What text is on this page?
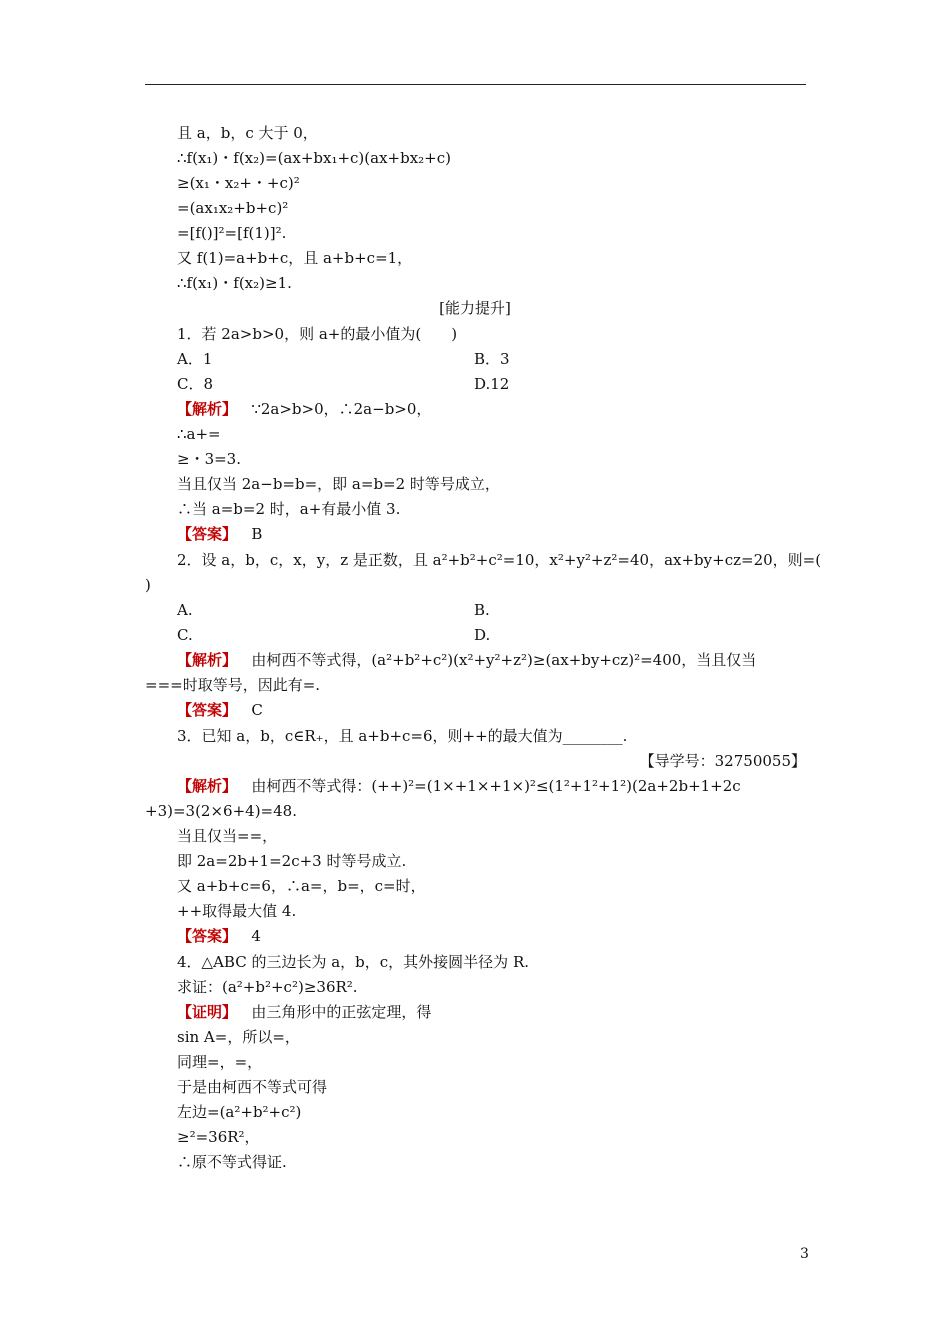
且 a，b，c 大于 0，
∴f(x₁)・f(x₂)=(ax+bx₁+c)(ax+bx₂+c)
≥(x₁・x₂+・+c)²
=(ax₁x₂+b+c)²
=[f()]²=[f(1)]².
又 f(1)=a+b+c，且 a+b+c=1，
∴f(x₁)・f(x₂)≥1.
[能力提升]
1．若 2a>b>0，则 a+的最小值为(　　)
A．1	B．3
C．8	D.12
【解析】 ∵2a>b>0，∴2a−b>0，
∴a+=
≥・3=3.
当且仅当 2a−b=b=，即 a=b=2 时等号成立，
∴当 a=b=2 时，a+有最小值 3.
【答案】 B
2．设 a，b，c，x，y，z 是正数，且 a²+b²+c²=10，x²+y²+z²=40，ax+by+cz=20，则=(
)
A.	B.
C.	D.
【解析】 由柯西不等式得，(a²+b²+c²)(x²+y²+z²)≥(ax+by+cz)²=400，当且仅当
===时取等号，因此有=.
【答案】 C
3．已知 a，b，c∈R₊，且 a+b+c=6，则++的最大值为________.
【导学号：32750055】
【解析】 由柯西不等式得：(++)²=(1×+1×+1×)²≤(1²+1²+1²)(2a+2b+1+2c
+3)=3(2×6+4)=48.
当且仅当==，
即 2a=2b+1=2c+3 时等号成立.
又 a+b+c=6，∴a=，b=，c=时，
++取得最大值 4.
【答案】 4
4．△ABC 的三边长为 a，b，c，其外接圆半径为 R.
求证：(a²+b²+c²)≥36R².
【证明】 由三角形中的正弦定理，得
sin A=，所以=，
同理=，=，
于是由柯西不等式可得
左边=(a²+b²+c²)
≥²=36R²，
∴原不等式得证.
3
